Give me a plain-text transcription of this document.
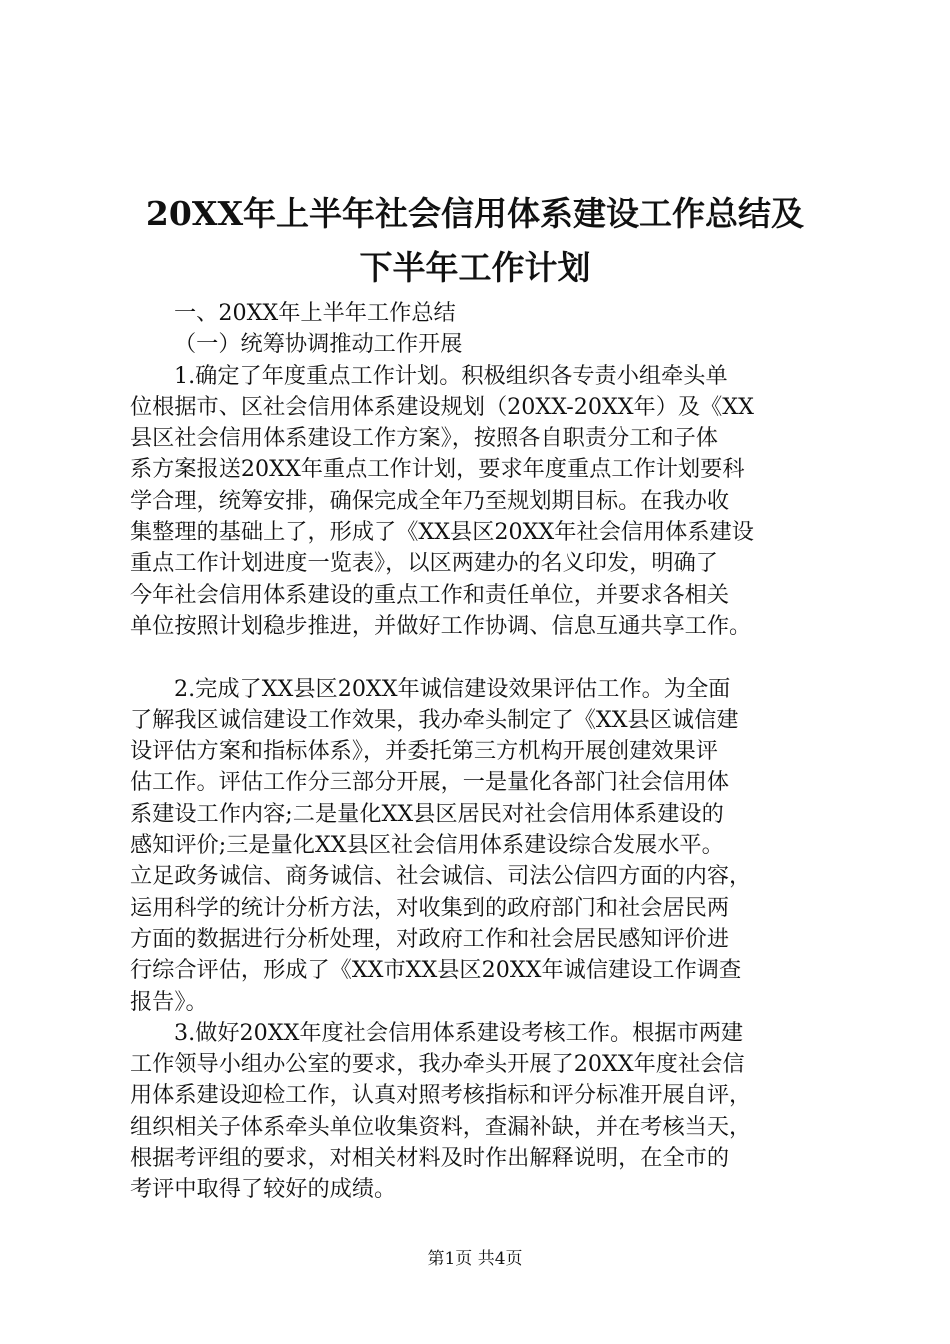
20XX年上半年社会信用体系建设工作总结及
下半年工作计划
一、20XX年上半年工作总结
（一）统筹协调推动工作开展
1.确定了年度重点工作计划。积极组织各专责小组牵头单
位根据市、区社会信用体系建设规划（20XX-20XX年）及《XX
县区社会信用体系建设工作方案》，按照各自职责分工和子体
系方案报送20XX年重点工作计划，要求年度重点工作计划要科
学合理，统筹安排，确保完成全年乃至规划期目标。在我办收
集整理的基础上了，形成了《XX县区20XX年社会信用体系建设
重点工作计划进度一览表》，以区两建办的名义印发，明确了
今年社会信用体系建设的重点工作和责任单位，并要求各相关
单位按照计划稳步推进，并做好工作协调、信息互通共享工作。
2.完成了XX县区20XX年诚信建设效果评估工作。为全面
了解我区诚信建设工作效果，我办牵头制定了《XX县区诚信建
设评估方案和指标体系》，并委托第三方机构开展创建效果评
估工作。评估工作分三部分开展，一是量化各部门社会信用体
系建设工作内容;二是量化XX县区居民对社会信用体系建设的
感知评价;三是量化XX县区社会信用体系建设综合发展水平。
立足政务诚信、商务诚信、社会诚信、司法公信四方面的内容，
运用科学的统计分析方法，对收集到的政府部门和社会居民两
方面的数据进行分析处理，对政府工作和社会居民感知评价进
行综合评估，形成了《XX市XX县区20XX年诚信建设工作调查
报告》。
3.做好20XX年度社会信用体系建设考核工作。根据市两建
工作领导小组办公室的要求，我办牵头开展了20XX年度社会信
用体系建设迎检工作，认真对照考核指标和评分标准开展自评，
组织相关子体系牵头单位收集资料，查漏补缺，并在考核当天，
根据考评组的要求，对相关材料及时作出解释说明，在全市的
考评中取得了较好的成绩。
第1页 共4页
